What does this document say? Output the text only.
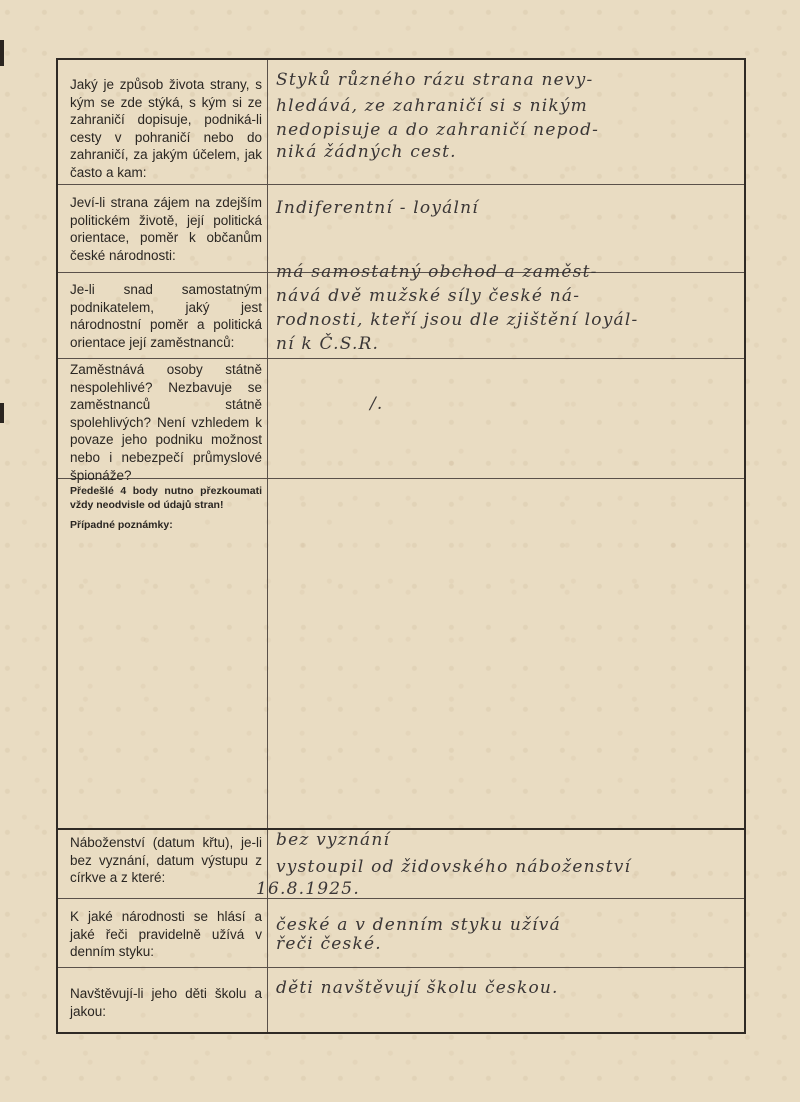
Jaký je způsob života strany, s kým se zde stýká, s kým si ze zahraničí dopisuje, podniká-li cesty v pohraničí nebo do zahraničí, za jakým účelem, jak často a kam:
Styků různého rázu strana nevy-
hledává, ze zahraničí si s nikým
nedopisuje a do zahraničí nepod-
niká žádných cest.
Jeví-li strana zájem na zdejším politickém životě, její politická orientace, poměr k občanům české národnosti:
Indiferentní - loyální
Je-li snad samostatným podnikatelem, jaký jest národnostní poměr a politická orientace její zaměstnanců:
má samostatný obchod a zaměst-
nává dvě mužské síly české ná-
rodnosti, kteří jsou dle zjištění loyál-
ní k Č.S.R.
Zaměstnává osoby státně nespolehlivé? Nezbavuje se zaměstnanců státně spolehlivých? Není vzhledem k povaze jeho podniku možnost nebo i nebezpečí průmyslové špionáže?
/.
Předešlé 4 body nutno přezkoumati vždy neodvisle od údajů stran!
Případné poznámky:
Náboženství (datum křtu), je-li bez vyznání, datum výstupu z církve a z které:
bez vyznání
vystoupil od židovského náboženství
16.8.1925.
K jaké národnosti se hlásí a jaké řeči pravidelně užívá v denním styku:
české a v denním styku užívá
řeči české.
Navštěvují-li jeho děti školu a jakou:
děti navštěvují školu českou.
